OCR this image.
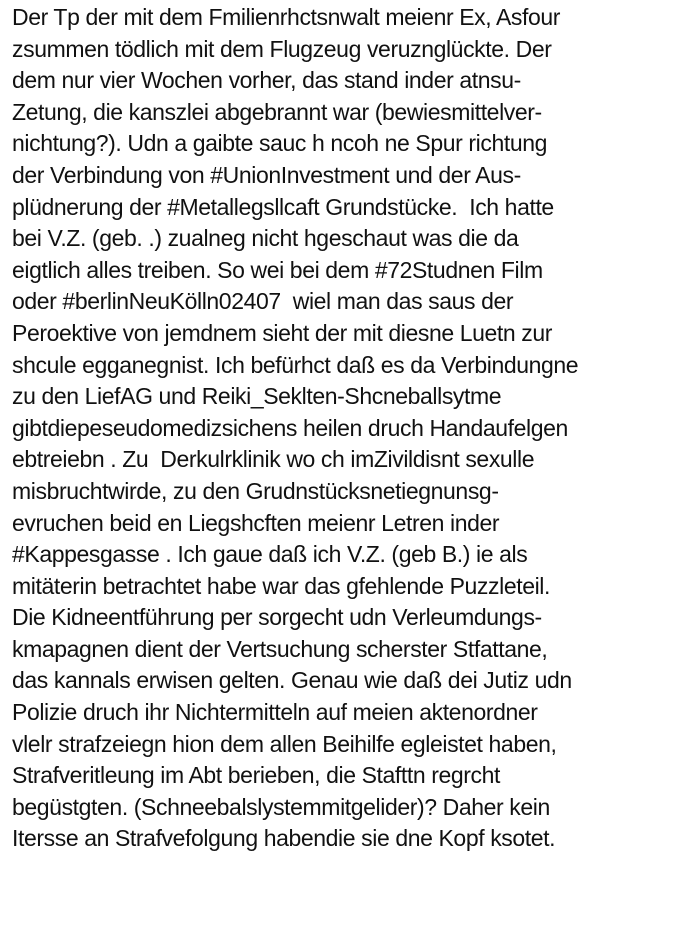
Der Tp der mit dem Fmilienrhctsnwalt meienr Ex, Asfour
zsummen tödlich mit dem Flugzeug veruznglückte. Der
dem nur vier Wochen vorher, das stand inder atnsu-
Zetung, die kanszlei abgebrannt war (bewiesmittelver-
nichtung?). Udn a gaibte sauc h ncoh ne Spur richtung
der Verbindung von #UnionInvestment und der Aus-
plüdnerung der #Metallegsllcaft Grundstücke.  Ich hatte
bei V.Z. (geb. .) zualneg nicht hgeschaut was die da
eigtlich alles treiben. So wei bei dem #72Studnen Film
oder #berlinNeuKölln02407  wiel man das saus der
Peroektive von jemdnem sieht der mit diesne Luetn zur
shcule egganegnist. Ich befürhct daß es da Verbindungne
zu den LiefAG und Reiki_Seklten-Shcneballsytme
gibtdiepeseudomedizsichens heilen druch Handaufelgen
ebtreiebn . Zu  Derkulrklinik wo ch imZivildisnt sexulle
misbruchtwirde, zu den Grudnstücksnetiegnunsg-
evruchen beid en Liegshcften meienr Letren inder
#Kappesgasse . Ich gaue daß ich V.Z. (geb B.) ie als
mitäterin betrachtet habe war das gfehlende Puzzleteil.
Die Kidneentführung per sorgecht udn Verleumdungs-
kmapagnen dient der Vertsuchung scherster Stfattane,
das kannals erwisen gelten. Genau wie daß dei Jutiz udn
Polizie druch ihr Nichtermitteln auf meien aktenordner
vlelr strafzeiegn hion dem allen Beihilfe egleistet haben,
Strafveritleung im Abt berieben, die Stafttn regrcht
begüstgten. (Schneebalslystemmitgelider)? Daher kein
Itersse an Strafvefolgung habendie sie dne Kopf ksotet.
